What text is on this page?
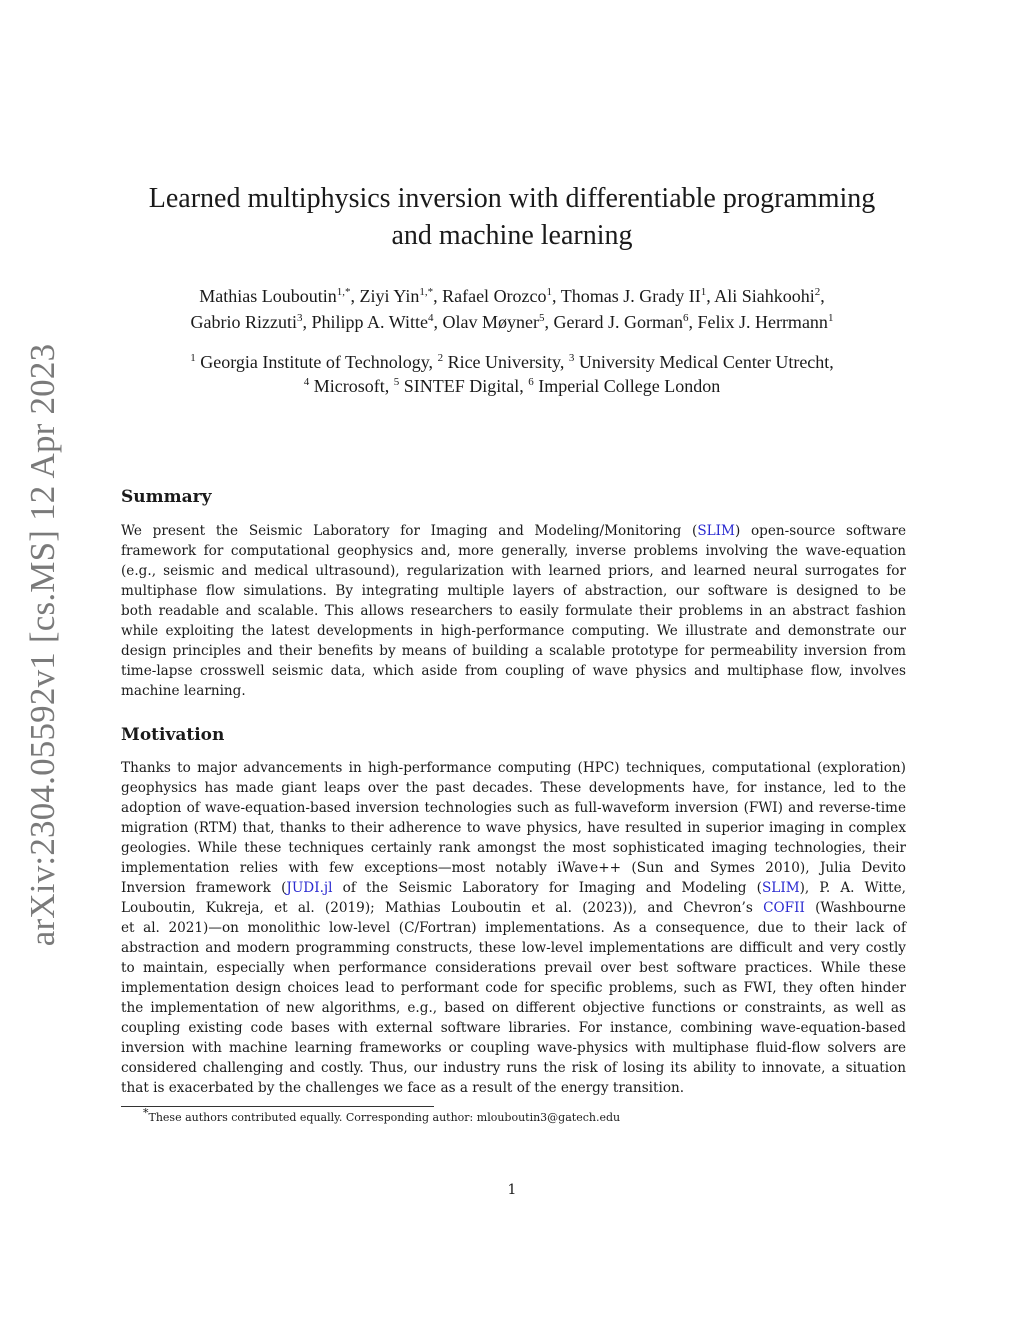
arXiv:2304.05592v1 [cs.MS] 12 Apr 2023
Learned multiphysics inversion with differentiable programming
and machine learning
Mathias Louboutin$^{1,*}$, Ziyi Yin$^{1,*}$, Rafael Orozco$^1$, Thomas J. Grady $II^1$, Ali Siahkoohi$^2$,
Gabrio Rizzuti$^3$, Philipp A. Witte$^4$, Olav Møyner$^5$, Gerard J. Gorman$^6$, Felix J. Herrmann$^1$
$^1$ Georgia Institute of Technology, $^2$ Rice University, $^3$ University Medical Center Utrecht,
$^4$ Microsoft, $^5$ SINTEF Digital, $^6$ Imperial College London
Summary
We present the Seismic Laboratory for Imaging and Modeling/Monitoring (SLIM) open-source software
framework for computational geophysics and, more generally, inverse problems involving the wave-equation
(e.g., seismic and medical ultrasound), regularization with learned priors, and learned neural surrogates for
multiphase flow simulations. By integrating multiple layers of abstraction, our software is designed to be
both readable and scalable. This allows researchers to easily formulate their problems in an abstract fashion
while exploiting the latest developments in high-performance computing. We illustrate and demonstrate our
design principles and their benefits by means of building a scalable prototype for permeability inversion from
time-lapse crosswell seismic data, which aside from coupling of wave physics and multiphase flow, involves
machine learning.
Motivation
Thanks to major advancements in high-performance computing (HPC) techniques, computational (exploration)
geophysics has made giant leaps over the past decades. These developments have, for instance, led to the
adoption of wave-equation-based inversion technologies such as full-waveform inversion (FWI) and reverse-time
migration (RTM) that, thanks to their adherence to wave physics, have resulted in superior imaging in complex
geologies. While these techniques certainly rank amongst the most sophisticated imaging technologies, their
implementation relies with few exceptions—most notably iWave++ (Sun and Symes 2010), Julia Devito
Inversion framework (JUDI.jl of the Seismic Laboratory for Imaging and Modeling (SLIM), P. A. Witte,
Louboutin, Kukreja, et al. (2019); Mathias Louboutin et al. (2023)), and Chevron’s COFII (Washbourne
et al. 2021)—on monolithic low-level (C/Fortran) implementations. As a consequence, due to their lack of
abstraction and modern programming constructs, these low-level implementations are difficult and very costly
to maintain, especially when performance considerations prevail over best software practices. While these
implementation design choices lead to performant code for specific problems, such as FWI, they often hinder
the implementation of new algorithms, e.g., based on different objective functions or constraints, as well as
coupling existing code bases with external software libraries. For instance, combining wave-equation-based
inversion with machine learning frameworks or coupling wave-physics with multiphase fluid-flow solvers are
considered challenging and costly. Thus, our industry runs the risk of losing its ability to innovate, a situation
that is exacerbated by the challenges we face as a result of the energy transition.
*These authors contributed equally. Corresponding author: mlouboutin3@gatech.edu
1
